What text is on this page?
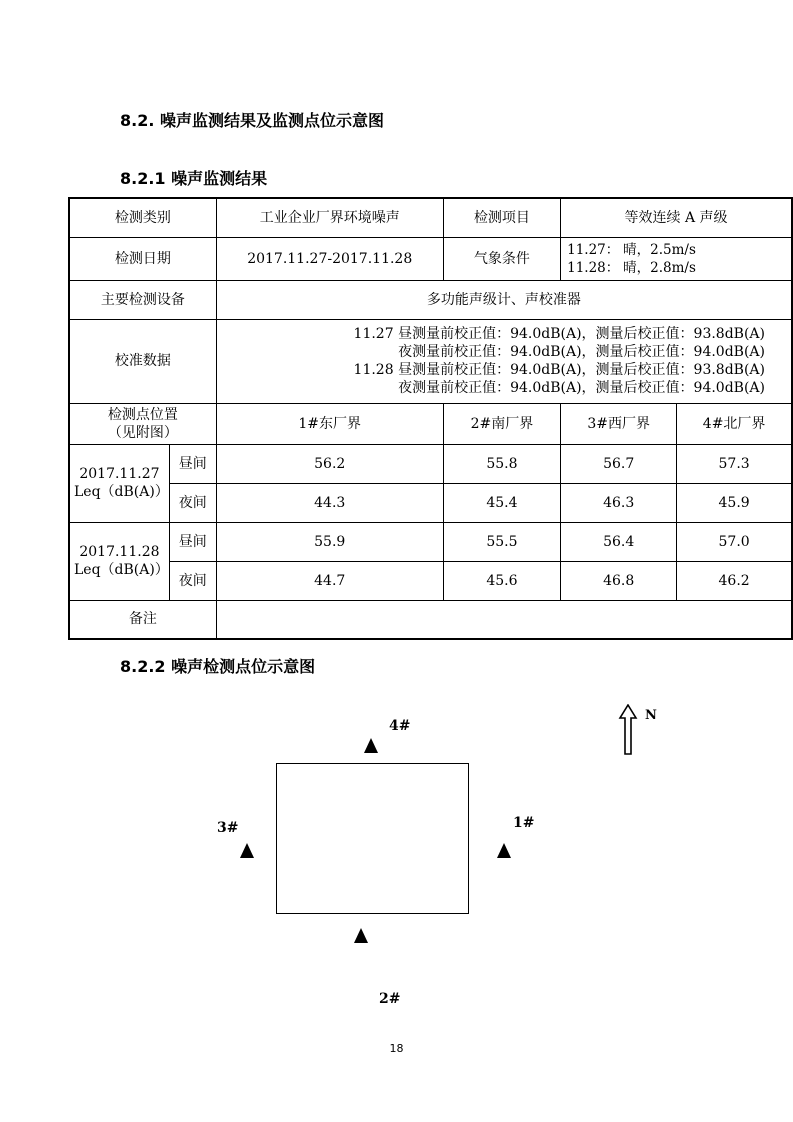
8.2. 噪声监测结果及监测点位示意图
8.2.1 噪声监测结果
检测类别		工业企业厂界环境噪声	检测项目	等效连续 A 声级	
检测日期		2017.11.27-2017.11.28	气象条件	11.27： 晴，2.5m/s
11.28： 晴，2.8m/s	

主要检测设备		多功能声级计、声校准器			
校准数据		11.27 昼测量前校正值：94.0dB(A)，测量后校正值：93.8dB(A)
夜测量前校正值：94.0dB(A)，测量后校正值：94.0dB(A)
11.28 昼测量前校正值：94.0dB(A)，测量后校正值：93.8dB(A)
夜测量前校正值：94.0dB(A)，测量后校正值：94.0dB(A)			

检测点位置
（见附图）		1#东厂界	2#南厂界	3#西厂界	4#北厂界

2017.11.27
Leq（dB(A)）	昼间	56.2	55.8	56.7	57.3
	夜间	44.3	45.4	46.3	45.9

2017.11.28
Leq（dB(A)）	昼间	55.9	55.5	56.4	57.0
	夜间	44.7	45.6	46.8	46.2
备注					
8.2.2 噪声检测点位示意图
4#
3#	1#
2#
N
18
